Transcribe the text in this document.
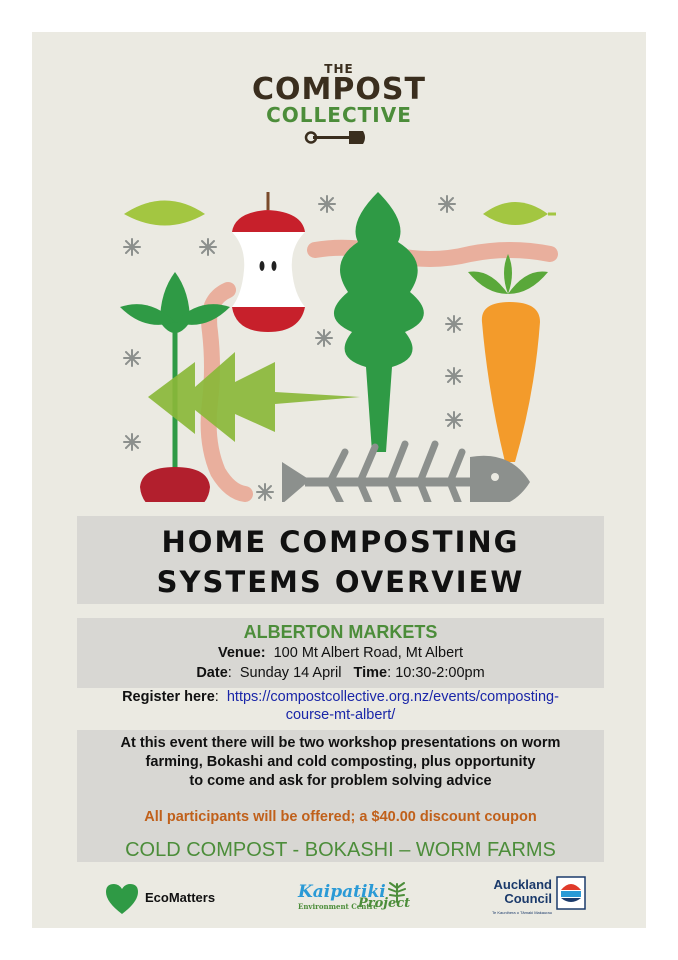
THE
COMPOST
COLLECTIVE
HOME COMPOSTING
SYSTEMS OVERVIEW
ALBERTON MARKETS
Venue: 100 Mt Albert Road, Mt Albert
Date:  Sunday 14 April Time: 10:30-2:00pm
Register here:  https://compostcollective.org.nz/events/composting-
course-mt-albert/
At this event there will be two workshop presentations on worm
farming, Bokashi and cold composting, plus opportunity
to come and ask for problem solving advice
All participants will be offered; a $40.00 discount coupon
COLD COMPOST - BOKASHI – WORM FARMS
EcoMatters	Kaipatiki
Environment Centre
Project
Auckland
Council
Te Kaunihera o Tāmaki Makaurau
